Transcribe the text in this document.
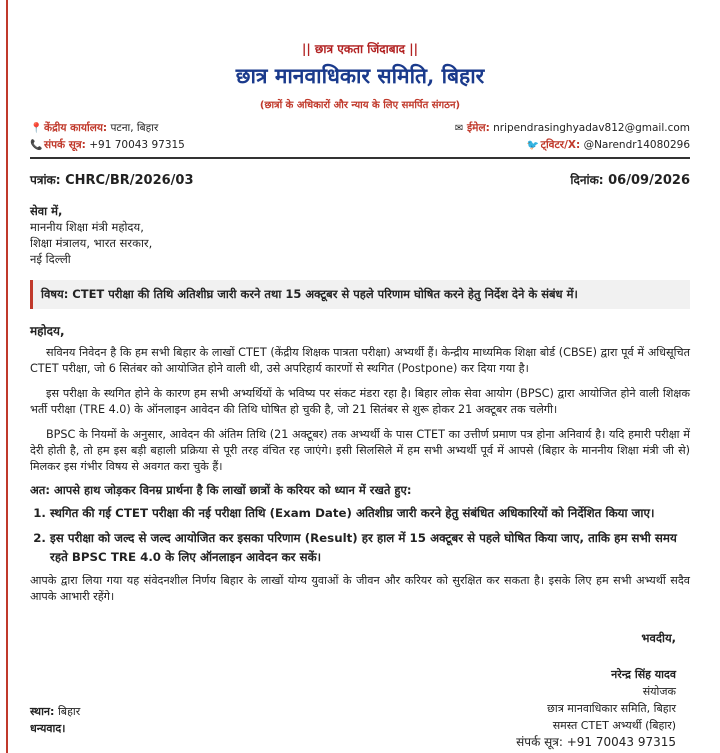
|| छात्र एकता जिंदाबाद ||
छात्र मानवाधिकार समिति, बिहार
(छात्रों के अधिकारों और न्याय के लिए समर्पित संगठन)
📍 केंद्रीय कार्यालय: पटना, बिहार
📞 संपर्क सूत्र: +91 70043 97315
✉ ईमेल: nripendrasinghyadav812@gmail.com
🐦 ट्विटर/X: @Narendr14080296
पत्रांक: CHRC/BR/2026/03	दिनांक: 06/09/2026
सेवा में,
माननीय शिक्षा मंत्री महोदय,
शिक्षा मंत्रालय, भारत सरकार,
नई दिल्ली
विषय: CTET परीक्षा की तिथि अतिशीघ्र जारी करने तथा 15 अक्टूबर से पहले परिणाम घोषित करने हेतु निर्देश देने के संबंध में।
महोदय,
सविनय निवेदन है कि हम सभी बिहार के लाखों CTET (केंद्रीय शिक्षक पात्रता परीक्षा) अभ्यर्थी हैं। केन्द्रीय माध्यमिक शिक्षा बोर्ड (CBSE) द्वारा पूर्व में अधिसूचित CTET परीक्षा, जो 6 सितंबर को आयोजित होने वाली थी, उसे अपरिहार्य कारणों से स्थगित (Postpone) कर दिया गया है।
इस परीक्षा के स्थगित होने के कारण हम सभी अभ्यर्थियों के भविष्य पर संकट मंडरा रहा है। बिहार लोक सेवा आयोग (BPSC) द्वारा आयोजित होने वाली शिक्षक भर्ती परीक्षा (TRE 4.0) के ऑनलाइन आवेदन की तिथि घोषित हो चुकी है, जो 21 सितंबर से शुरू होकर 21 अक्टूबर तक चलेगी।
BPSC के नियमों के अनुसार, आवेदन की अंतिम तिथि (21 अक्टूबर) तक अभ्यर्थी के पास CTET का उत्तीर्ण प्रमाण पत्र होना अनिवार्य है। यदि हमारी परीक्षा में देरी होती है, तो हम इस बड़ी बहाली प्रक्रिया से पूरी तरह वंचित रह जाएंगे। इसी सिलसिले में हम सभी अभ्यर्थी पूर्व में आपसे (बिहार के माननीय शिक्षा मंत्री जी से) मिलकर इस गंभीर विषय से अवगत करा चुके हैं।
अत: आपसे हाथ जोड़कर विनम्र प्रार्थना है कि लाखों छात्रों के करियर को ध्यान में रखते हुए:
1. स्थगित की गई CTET परीक्षा की नई परीक्षा तिथि (Exam Date) अतिशीघ्र जारी करने हेतु संबंधित अधिकारियों को निर्देशित किया जाए।
2. इस परीक्षा को जल्द से जल्द आयोजित कर इसका परिणाम (Result) हर हाल में 15 अक्टूबर से पहले घोषित किया जाए, ताकि हम सभी समय रहते BPSC TRE 4.0 के लिए ऑनलाइन आवेदन कर सकें।
आपके द्वारा लिया गया यह संवेदनशील निर्णय बिहार के लाखों योग्य युवाओं के जीवन और करियर को सुरक्षित कर सकता है। इसके लिए हम सभी अभ्यर्थी सदैव आपके आभारी रहेंगे।
भवदीय,
नरेन्द्र सिंह यादव
संयोजक
छात्र मानवाधिकार समिति, बिहार
समस्त CTET अभ्यर्थी (बिहार)
संपर्क सूत्र: +91 70043 97315
स्थान: बिहार
धन्यवाद।
